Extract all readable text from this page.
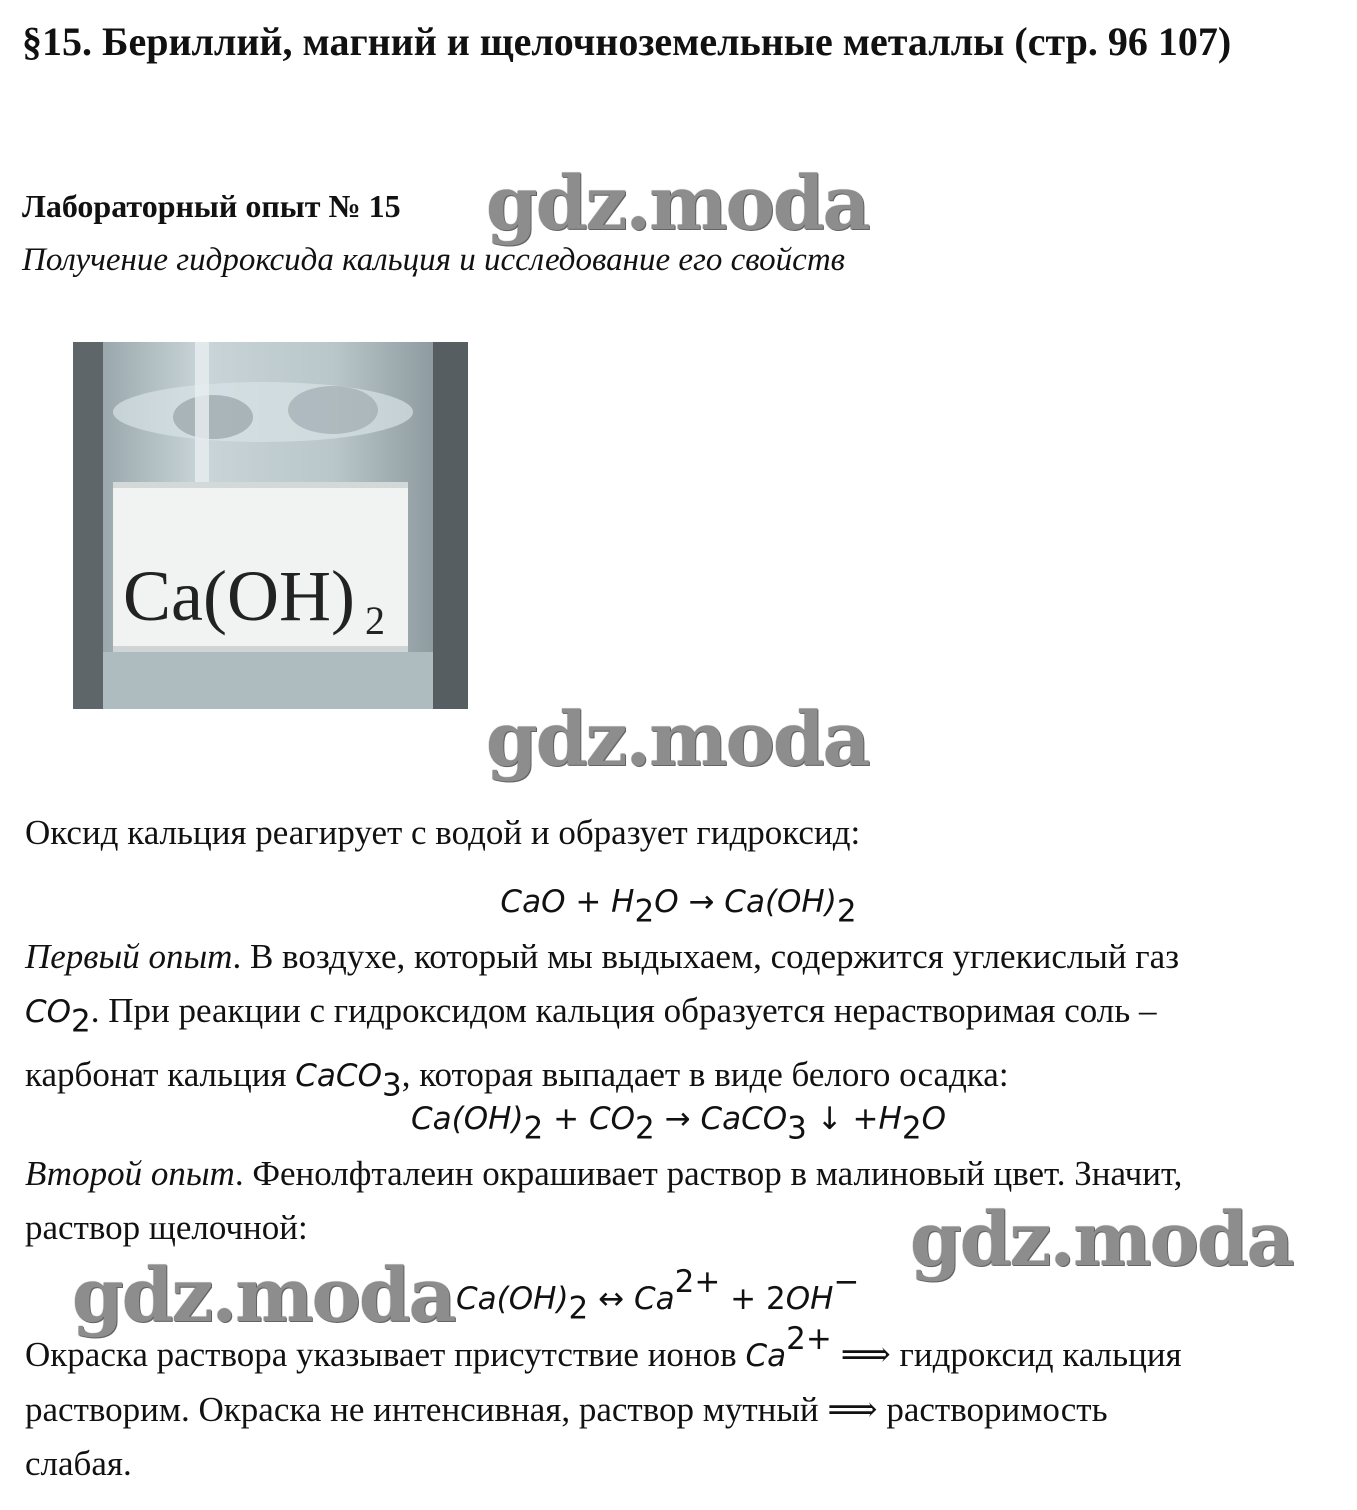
§15. Бериллий, магний и щелочноземельные металлы (стр. 96 107)

Лабораторный опыт № 15

Получение гидроксида кальция и исследование его свойств

Ca(OH) 2
gdz.moda
gdz.moda
gdz.moda
gdz.moda

Оксид кальция реагирует с водой и образует гидроксид:

CaO + $H_2O \to Ca(OH)_2$

Первый опыт. В воздухе, который мы выдыхаем, содержится углекислый газ
$CO_2$. При реакции с гидроксидом кальция образуется нерастворимая соль –
карбонат кальция CaCO$_3$, которая выпадает в виде белого осадка:

$Ca(OH)_2 + CO_2$ → CaCO$_3$ ↓ $+H_2O$

Второй опыт. Фенолфталеин окрашивает раствор в малиновый цвет. Значит,
раствор щелочной:

$Ca(OH)_2$ ↔ $Ca^{2+} + 2OH^-$

Окраска раствора указывает присутствие ионов $Ca^{2+}$ ⟹ гидроксид кальция
растворим. Окраска не интенсивная, раствор мутный ⟹ растворимость
слабая.
